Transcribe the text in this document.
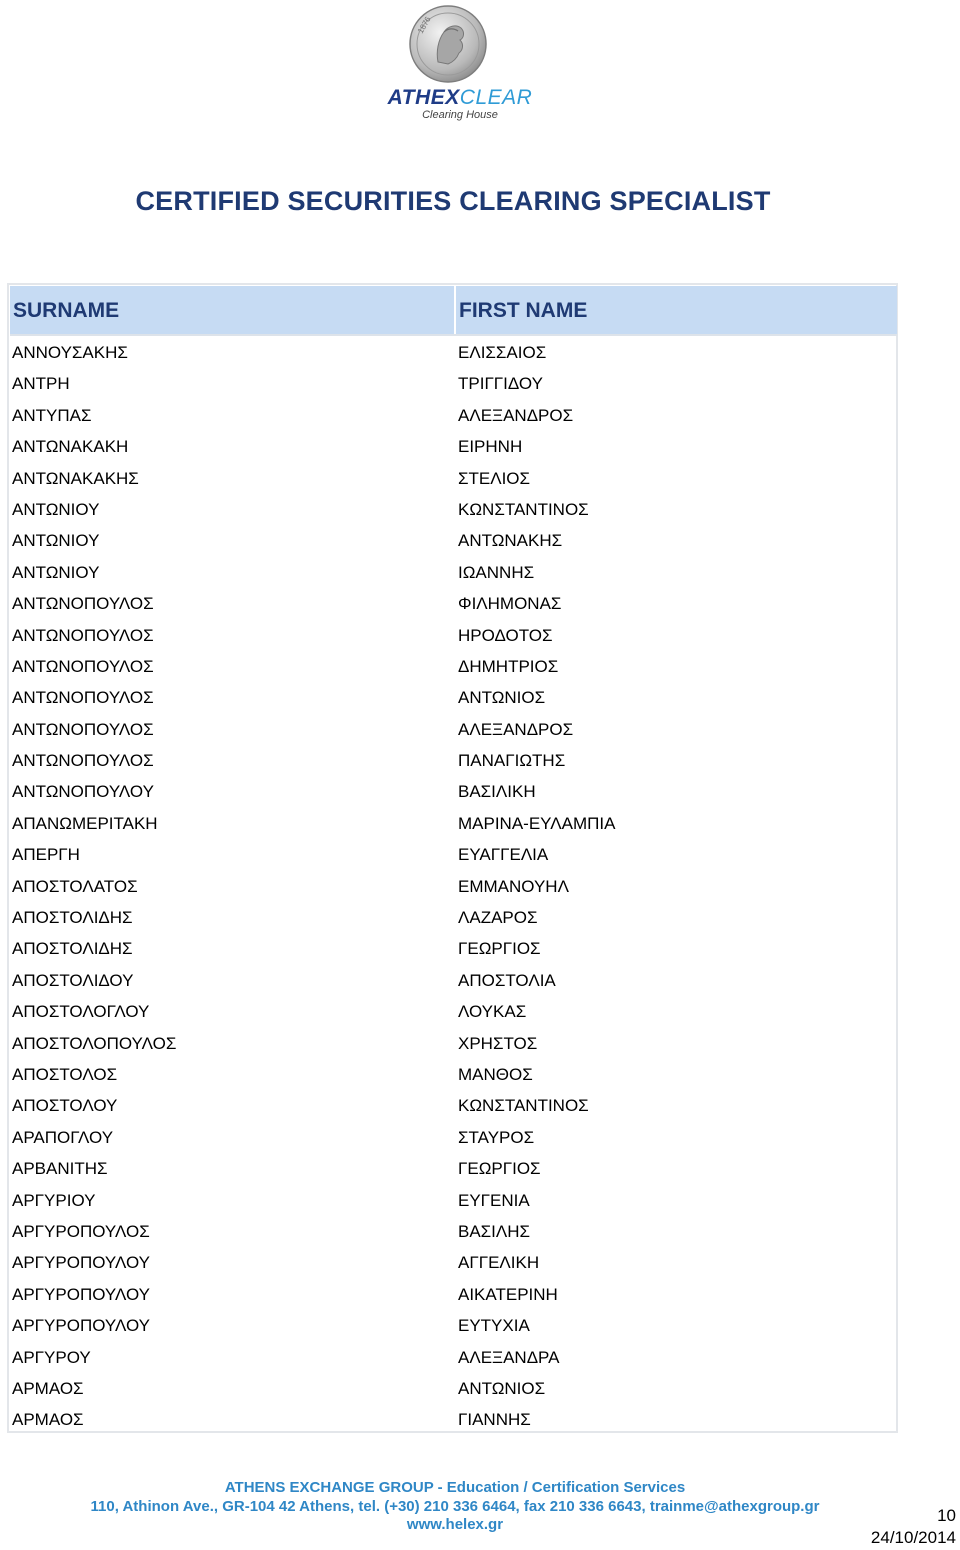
1876
ATHEXCLEAR
Clearing House
CERTIFIED SECURITIES CLEARING SPECIALIST
SURNAME	FIRST NAME
ΑΝΝΟΥΣΑΚΗΣ	ΕΛΙΣΣΑΙΟΣ
ΑΝΤΡΗ	ΤΡΙΓΓΙΔΟΥ
ΑΝΤΥΠΑΣ	ΑΛΕΞΑΝΔΡΟΣ
ΑΝΤΩΝΑΚΑΚΗ	ΕΙΡΗΝΗ
ΑΝΤΩΝΑΚΑΚΗΣ	ΣΤΕΛΙΟΣ
ΑΝΤΩΝΙΟΥ	ΚΩΝΣΤΑΝΤΙΝΟΣ
ΑΝΤΩΝΙΟΥ	ΑΝΤΩΝΑΚΗΣ
ΑΝΤΩΝΙΟΥ	ΙΩΑΝΝΗΣ
ΑΝΤΩΝΟΠΟΥΛΟΣ	ΦΙΛΗΜΟΝΑΣ
ΑΝΤΩΝΟΠΟΥΛΟΣ	ΗΡΟΔΟΤΟΣ
ΑΝΤΩΝΟΠΟΥΛΟΣ	ΔΗΜΗΤΡΙΟΣ
ΑΝΤΩΝΟΠΟΥΛΟΣ	ΑΝΤΩΝΙΟΣ
ΑΝΤΩΝΟΠΟΥΛΟΣ	ΑΛΕΞΑΝΔΡΟΣ
ΑΝΤΩΝΟΠΟΥΛΟΣ	ΠΑΝΑΓΙΩΤΗΣ
ΑΝΤΩΝΟΠΟΥΛΟΥ	ΒΑΣΙΛΙΚΗ
ΑΠΑΝΩΜΕΡΙΤΑΚΗ	ΜΑΡΙΝΑ-ΕΥΛΑΜΠΙΑ
ΑΠΕΡΓΗ	ΕΥΑΓΓΕΛΙΑ
ΑΠΟΣΤΟΛΑΤΟΣ	ΕΜΜΑΝΟΥΗΛ
ΑΠΟΣΤΟΛΙΔΗΣ	ΛΑΖΑΡΟΣ
ΑΠΟΣΤΟΛΙΔΗΣ	ΓΕΩΡΓΙΟΣ
ΑΠΟΣΤΟΛΙΔΟΥ	ΑΠΟΣΤΟΛΙΑ
ΑΠΟΣΤΟΛΟΓΛΟΥ	ΛΟΥΚΑΣ
ΑΠΟΣΤΟΛΟΠΟΥΛΟΣ	ΧΡΗΣΤΟΣ
ΑΠΟΣΤΟΛΟΣ	ΜΑΝΘΟΣ
ΑΠΟΣΤΟΛΟΥ	ΚΩΝΣΤΑΝΤΙΝΟΣ
ΑΡΑΠΟΓΛΟΥ	ΣΤΑΥΡΟΣ
ΑΡΒΑΝΙΤΗΣ	ΓΕΩΡΓΙΟΣ
ΑΡΓΥΡΙΟΥ	ΕΥΓΕΝΙΑ
ΑΡΓΥΡΟΠΟΥΛΟΣ	ΒΑΣΙΛΗΣ
ΑΡΓΥΡΟΠΟΥΛΟΥ	ΑΓΓΕΛΙΚΗ
ΑΡΓΥΡΟΠΟΥΛΟΥ	ΑΙΚΑΤΕΡΙΝΗ
ΑΡΓΥΡΟΠΟΥΛΟΥ	ΕΥΤΥΧΙΑ
ΑΡΓΥΡΟΥ	ΑΛΕΞΑΝΔΡΑ
ΑΡΜΑΟΣ	ΑΝΤΩΝΙΟΣ
ΑΡΜΑΟΣ	ΓΙΑΝΝΗΣ
ATHENS EXCHANGE GROUP - Education / Certification Services
110, Athinon Ave., GR-104 42 Athens, tel. (+30) 210 336 6464, fax 210 336 6643, trainme@athexgroup.gr
www.helex.gr	10
24/10/2014
